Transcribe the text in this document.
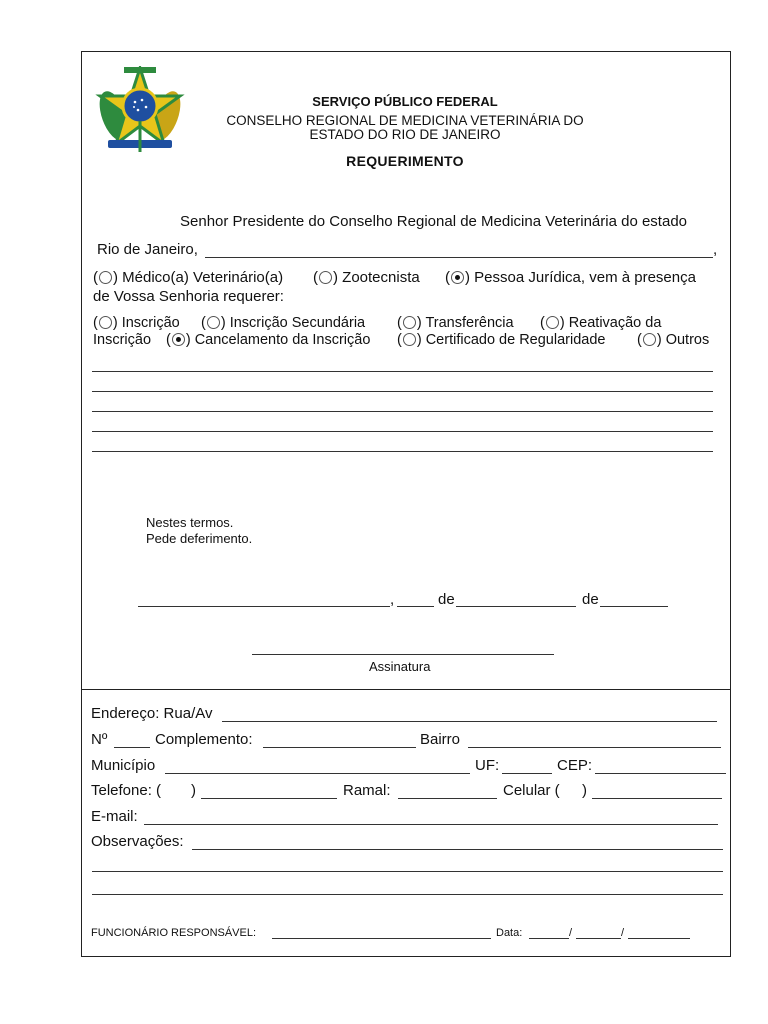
SERVIÇO PÚBLICO FEDERAL
CONSELHO REGIONAL DE MEDICINA VETERINÁRIA DO
ESTADO DO RIO DE JANEIRO
REQUERIMENTO
Senhor Presidente do Conselho Regional de Medicina Veterinária do estado
Rio de Janeiro,	,
( ) Médico(a) Veterinário(a) ( ) Zootecnista ( ) Pessoa Jurídica, vem à presença
de Vossa Senhoria requerer:
( ) Inscrição ( ) Inscrição Secundária ( ) Transferência ( ) Reativação da
Inscrição ( ) Cancelamento da Inscrição ( ) Certificado de Regularidade ( ) Outros
Nestes termos.
Pede deferimento.
,	de	de
Assinatura
Endereço: Rua/Av
Nº	Complemento:	Bairro
Município	UF:	CEP:
Telefone: ( )	Ramal:	Celular ( )
E-mail:
Observações:
FUNCIONÁRIO RESPONSÁVEL:	Data:	/	/
